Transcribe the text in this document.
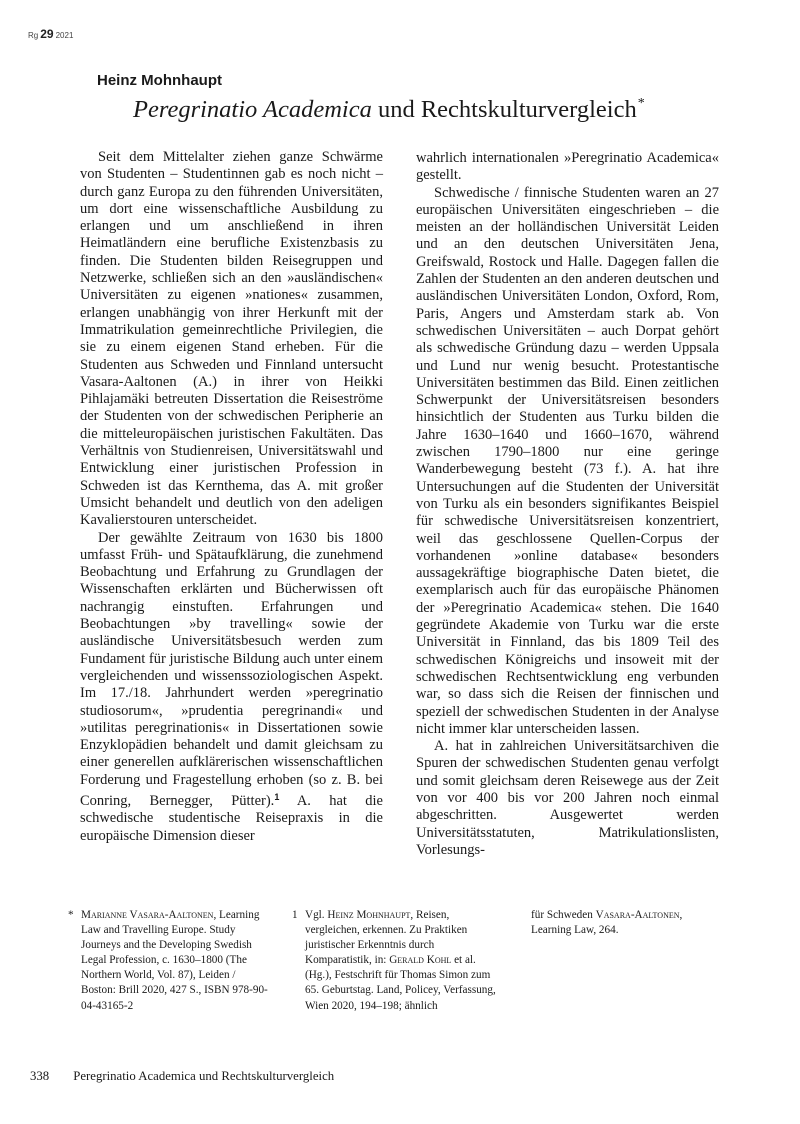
Rg 29 2021
Heinz Mohnhaupt
Peregrinatio Academica und Rechtskulturvergleich*

Seit dem Mittelalter ziehen ganze Schwärme von Studenten – Studentinnen gab es noch nicht – durch ganz Europa zu den führenden Universitäten, um dort eine wissenschaftliche Ausbildung zu erlangen und um anschließend in ihren Heimatländern eine berufliche Existenzbasis zu finden. Die Studenten bilden Reisegruppen und Netzwerke, schließen sich an den »ausländischen« Universitäten zu eigenen »nationes« zusammen, erlangen unabhängig von ihrer Herkunft mit der Immatrikulation gemeinrechtliche Privilegien, die sie zu einem eigenen Stand erheben. Für die Studenten aus Schweden und Finnland untersucht Vasara-Aaltonen (A.) in ihrer von Heikki Pihlajamäki betreuten Dissertation die Reiseströme der Studenten von der schwedischen Peripherie an die mitteleuropäischen juristischen Fakultäten. Das Verhältnis von Studienreisen, Universitätswahl und Entwicklung einer juristischen Profession in Schweden ist das Kernthema, das A. mit großer Umsicht behandelt und deutlich von den adeligen Kavalierstouren unterscheidet.

Der gewählte Zeitraum von 1630 bis 1800 umfasst Früh- und Spätaufklärung, die zunehmend Beobachtung und Erfahrung zu Grundlagen der Wissenschaften erklärten und Bücherwissen oft nachrangig einstuften. Erfahrungen und Beobachtungen »by travelling« sowie der ausländische Universitätsbesuch werden zum Fundament für juristische Bildung auch unter einem vergleichenden und wissenssoziologischen Aspekt. Im 17./18. Jahrhundert werden »peregrinatio studiosorum«, »prudentia peregrinandi« und »utilitas peregrinationis« in Dissertationen sowie Enzyklopädien behandelt und damit gleichsam zu einer generellen aufklärerischen wissenschaftlichen Forderung und Fragestellung erhoben (so z. B. bei Conring, Bernegger, Pütter).$^1$ A. hat die schwedische studentische Reisepraxis in die europäische Dimension dieser

wahrlich internationalen »Peregrinatio Academica« gestellt.

Schwedische / finnische Studenten waren an 27 europäischen Universitäten eingeschrieben – die meisten an der holländischen Universität Leiden und an den deutschen Universitäten Jena, Greifswald, Rostock und Halle. Dagegen fallen die Zahlen der Studenten an den anderen deutschen und ausländischen Universitäten London, Oxford, Rom, Paris, Angers und Amsterdam stark ab. Von schwedischen Universitäten – auch Dorpat gehört als schwedische Gründung dazu – werden Uppsala und Lund nur wenig besucht. Protestantische Universitäten bestimmen das Bild. Einen zeitlichen Schwerpunkt der Universitätsreisen besonders hinsichtlich der Studenten aus Turku bilden die Jahre 1630–1640 und 1660–1670, während zwischen 1790–1800 nur eine geringe Wanderbewegung besteht (73 f.). A. hat ihre Untersuchungen auf die Studenten der Universität von Turku als ein besonders signifikantes Beispiel für schwedische Universitätsreisen konzentriert, weil das geschlossene Quellen-Corpus der vorhandenen »online database« besonders aussagekräftige biographische Daten bietet, die exemplarisch auch für das europäische Phänomen der »Peregrinatio Academica« stehen. Die 1640 gegründete Akademie von Turku war die erste Universität in Finnland, das bis 1809 Teil des schwedischen Königreichs und insoweit mit der schwedischen Rechtsentwicklung eng verbunden war, so dass sich die Reisen der finnischen und speziell der schwedischen Studenten in der Analyse nicht immer klar unterscheiden lassen.

A. hat in zahlreichen Universitätsarchiven die Spuren der schwedischen Studenten genau verfolgt und somit gleichsam deren Reisewege aus der Zeit von vor 400 bis vor 200 Jahren noch einmal abgeschritten. Ausgewertet werden Universitätsstatuten, Matrikulationslisten, Vorlesungs-

* Marianne Vasara-Aaltonen, Learning Law and Travelling Europe. Study Journeys and the Developing Swedish Legal Profession, c. 1630–1800 (The Northern World, Vol. 87), Leiden / Boston: Brill 2020, 427 S., ISBN 978-90-04-43165-2
1 Vgl. Heinz Mohnhaupt, Reisen, vergleichen, erkennen. Zu Praktiken juristischer Erkenntnis durch Komparatistik, in: Gerald Kohl et al. (Hg.), Festschrift für Thomas Simon zum 65. Geburtstag. Land, Policey, Verfassung, Wien 2020, 194–198; ähnlich
für Schweden Vasara-Aaltonen, Learning Law, 264.
338 Peregrinatio Academica und Rechtskulturvergleich
